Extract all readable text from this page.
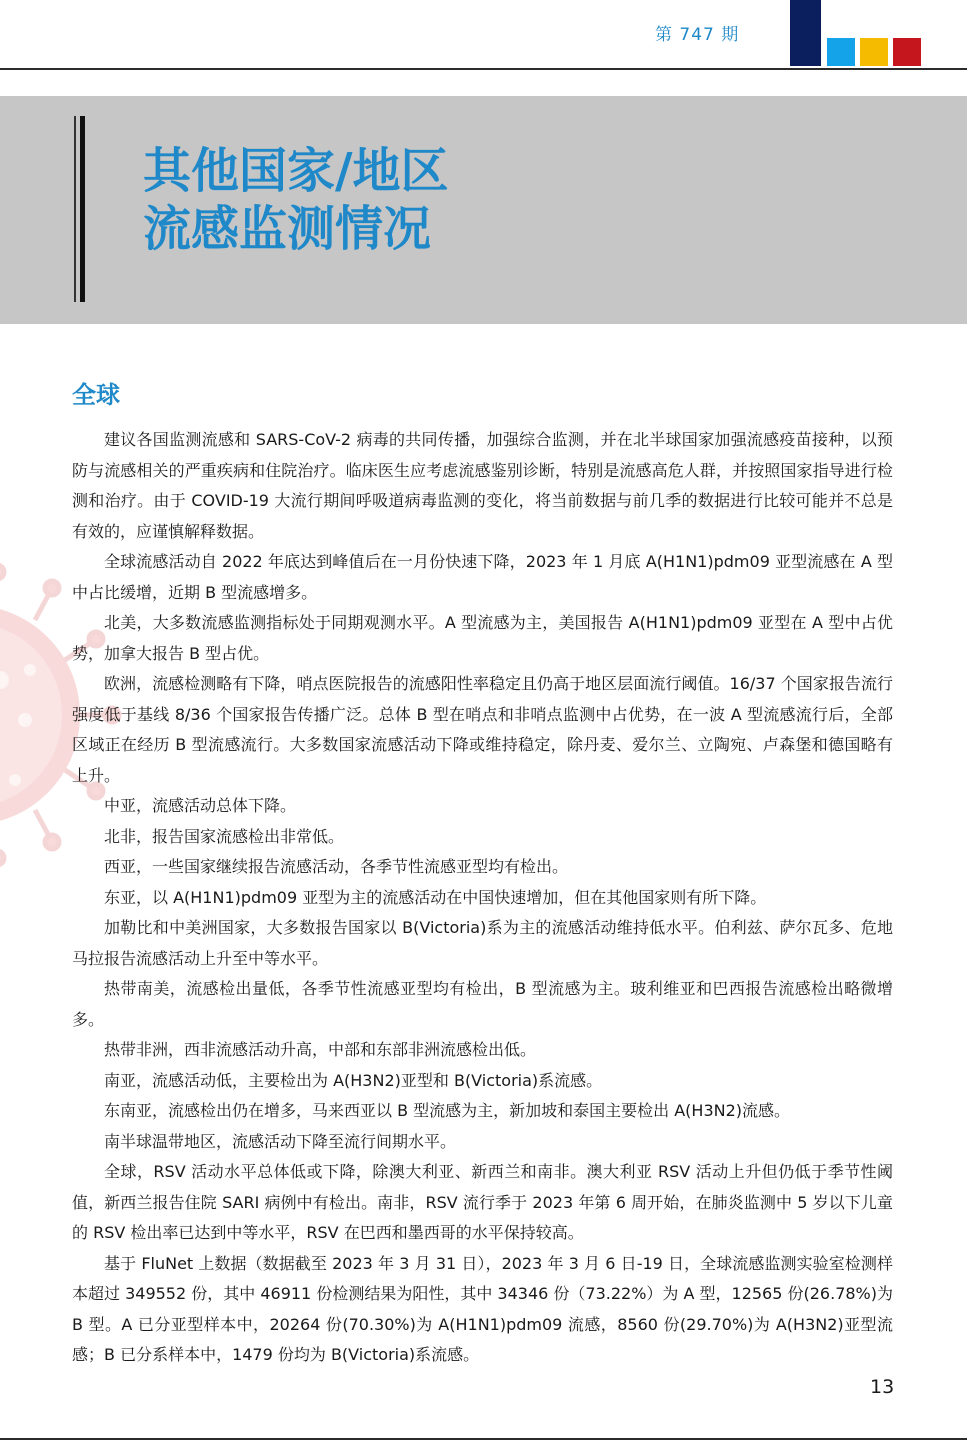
第 747 期
其他国家/地区
流感监测情况
全球

建议各国监测流感和 SARS-CoV-2 病毒的共同传播，加强综合监测，并在北半球国家加强流感疫苗接种，以预防与流感相关的严重疾病和住院治疗。临床医生应考虑流感鉴别诊断，特别是流感高危人群，并按照国家指导进行检测和治疗。由于 COVID-19 大流行期间呼吸道病毒监测的变化，将当前数据与前几季的数据进行比较可能并不总是有效的，应谨慎解释数据。

全球流感活动自 2022 年底达到峰值后在一月份快速下降，2023 年 1 月底 A(H1N1)pdm09 亚型流感在 A 型中占比缓增，近期 B 型流感增多。

北美，大多数流感监测指标处于同期观测水平。A 型流感为主，美国报告 A(H1N1)pdm09 亚型在 A 型中占优势，加拿大报告 B 型占优。

欧洲，流感检测略有下降，哨点医院报告的流感阳性率稳定且仍高于地区层面流行阈值。16/37 个国家报告流行强度低于基线 8/36 个国家报告传播广泛。总体 B 型在哨点和非哨点监测中占优势，在一波 A 型流感流行后，全部区域正在经历 B 型流感流行。大多数国家流感活动下降或维持稳定，除丹麦、爱尔兰、立陶宛、卢森堡和德国略有上升。

中亚，流感活动总体下降。

北非，报告国家流感检出非常低。

西亚，一些国家继续报告流感活动，各季节性流感亚型均有检出。

东亚，以 A(H1N1)pdm09 亚型为主的流感活动在中国快速增加，但在其他国家则有所下降。

加勒比和中美洲国家，大多数报告国家以 B(Victoria)系为主的流感活动维持低水平。伯利兹、萨尔瓦多、危地马拉报告流感活动上升至中等水平。

热带南美，流感检出量低，各季节性流感亚型均有检出，B 型流感为主。玻利维亚和巴西报告流感检出略微增多。

热带非洲，西非流感活动升高，中部和东部非洲流感检出低。

南亚，流感活动低，主要检出为 A(H3N2)亚型和 B(Victoria)系流感。

东南亚，流感检出仍在增多，马来西亚以 B 型流感为主，新加坡和泰国主要检出 A(H3N2)流感。

南半球温带地区，流感活动下降至流行间期水平。

全球，RSV 活动水平总体低或下降，除澳大利亚、新西兰和南非。澳大利亚 RSV 活动上升但仍低于季节性阈值，新西兰报告住院 SARI 病例中有检出。南非，RSV 流行季于 2023 年第 6 周开始，在肺炎监测中 5 岁以下儿童的 RSV 检出率已达到中等水平，RSV 在巴西和墨西哥的水平保持较高。

基于 FluNet 上数据（数据截至 2023 年 3 月 31 日），2023 年 3 月 6 日-19 日，全球流感监测实验室检测样本超过 349552 份，其中 46911 份检测结果为阳性，其中 34346 份（73.22%）为 A 型，12565 份(26.78%)为 B 型。A 已分亚型样本中，20264 份(70.30%)为 A(H1N1)pdm09 流感，8560 份(29.70%)为 A(H3N2)亚型流感；B 已分系样本中，1479 份均为 B(Victoria)系流感。

13
